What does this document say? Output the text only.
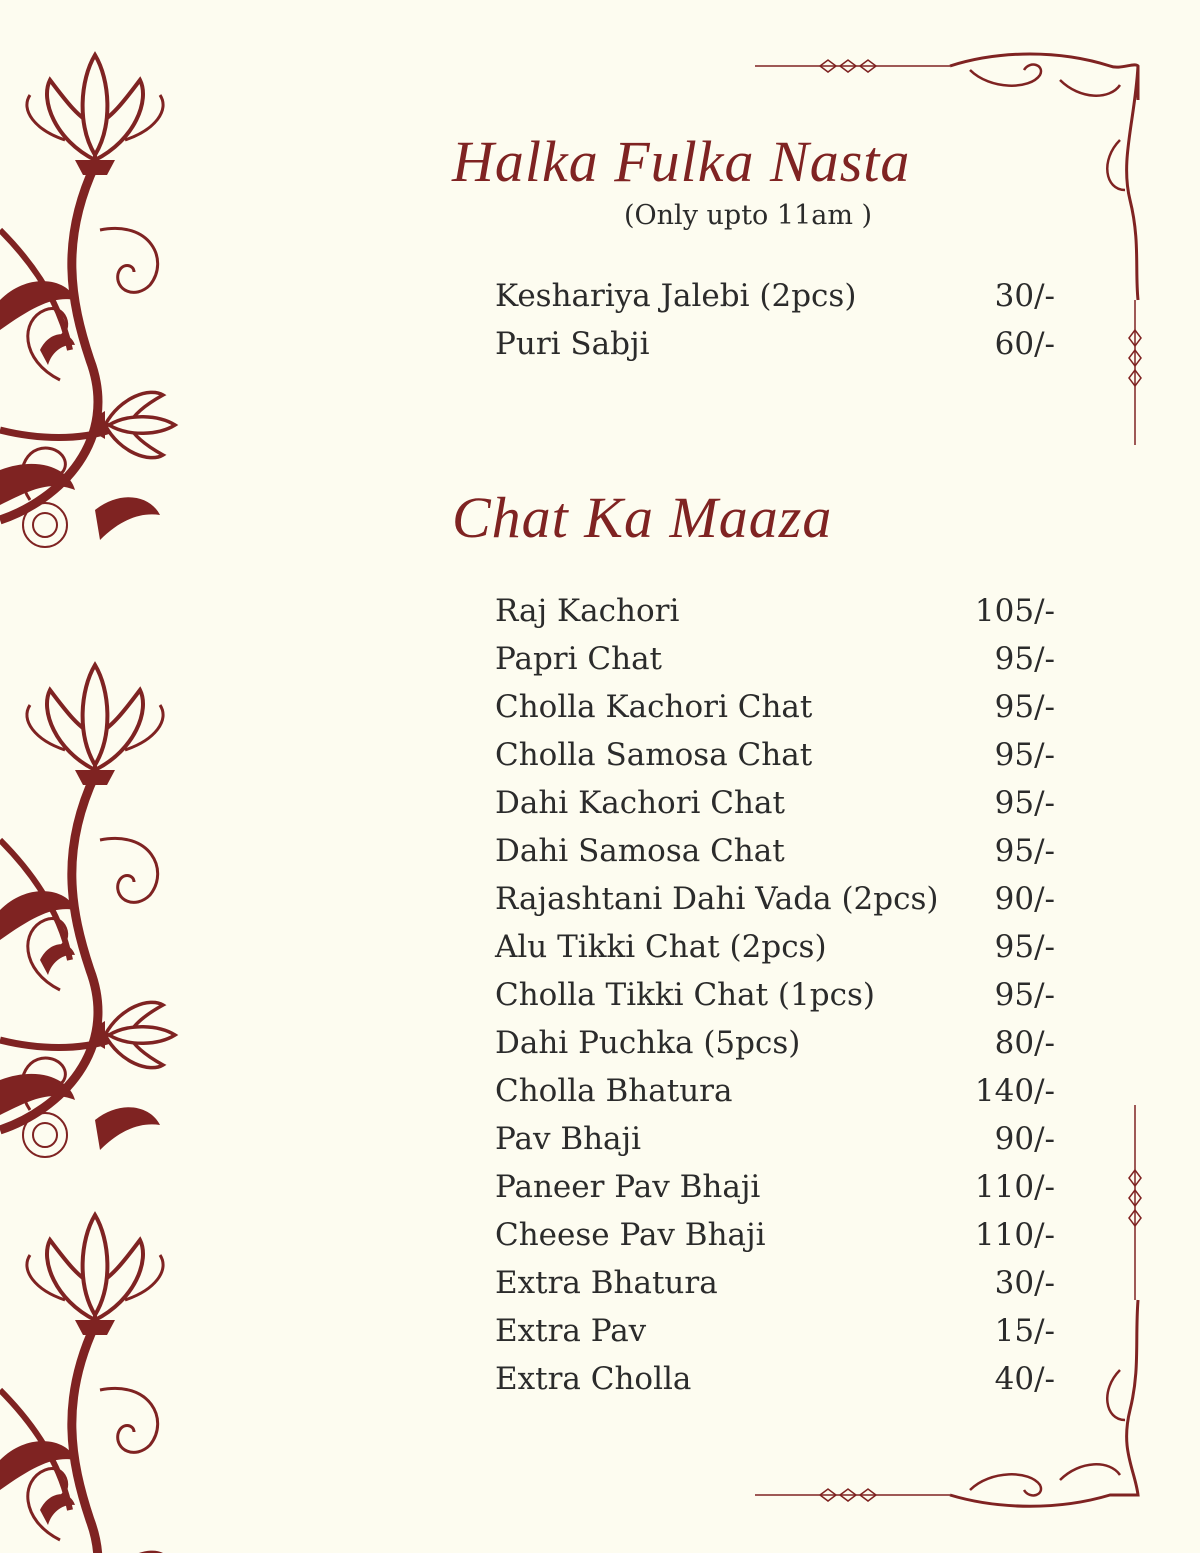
Halka Fulka Nasta
(Only upto 11am )
Keshariya Jalebi (2pcs)	30/-
Puri Sabji	60/-
Chat Ka Maaza
Raj Kachori	105/-
Papri Chat	95/-
Cholla Kachori Chat	95/-
Cholla Samosa Chat	95/-
Dahi Kachori Chat	95/-
Dahi Samosa Chat	95/-
Rajashtani Dahi Vada (2pcs) 90/-
Alu Tikki Chat (2pcs)	95/-
Cholla Tikki Chat (1pcs)	95/-
Dahi Puchka (5pcs)	80/-
Cholla Bhatura	140/-
Pav Bhaji	90/-
Paneer Pav Bhaji	110/-
Cheese Pav Bhaji	110/-
Extra Bhatura	30/-
Extra Pav	15/-
Extra Cholla	40/-
